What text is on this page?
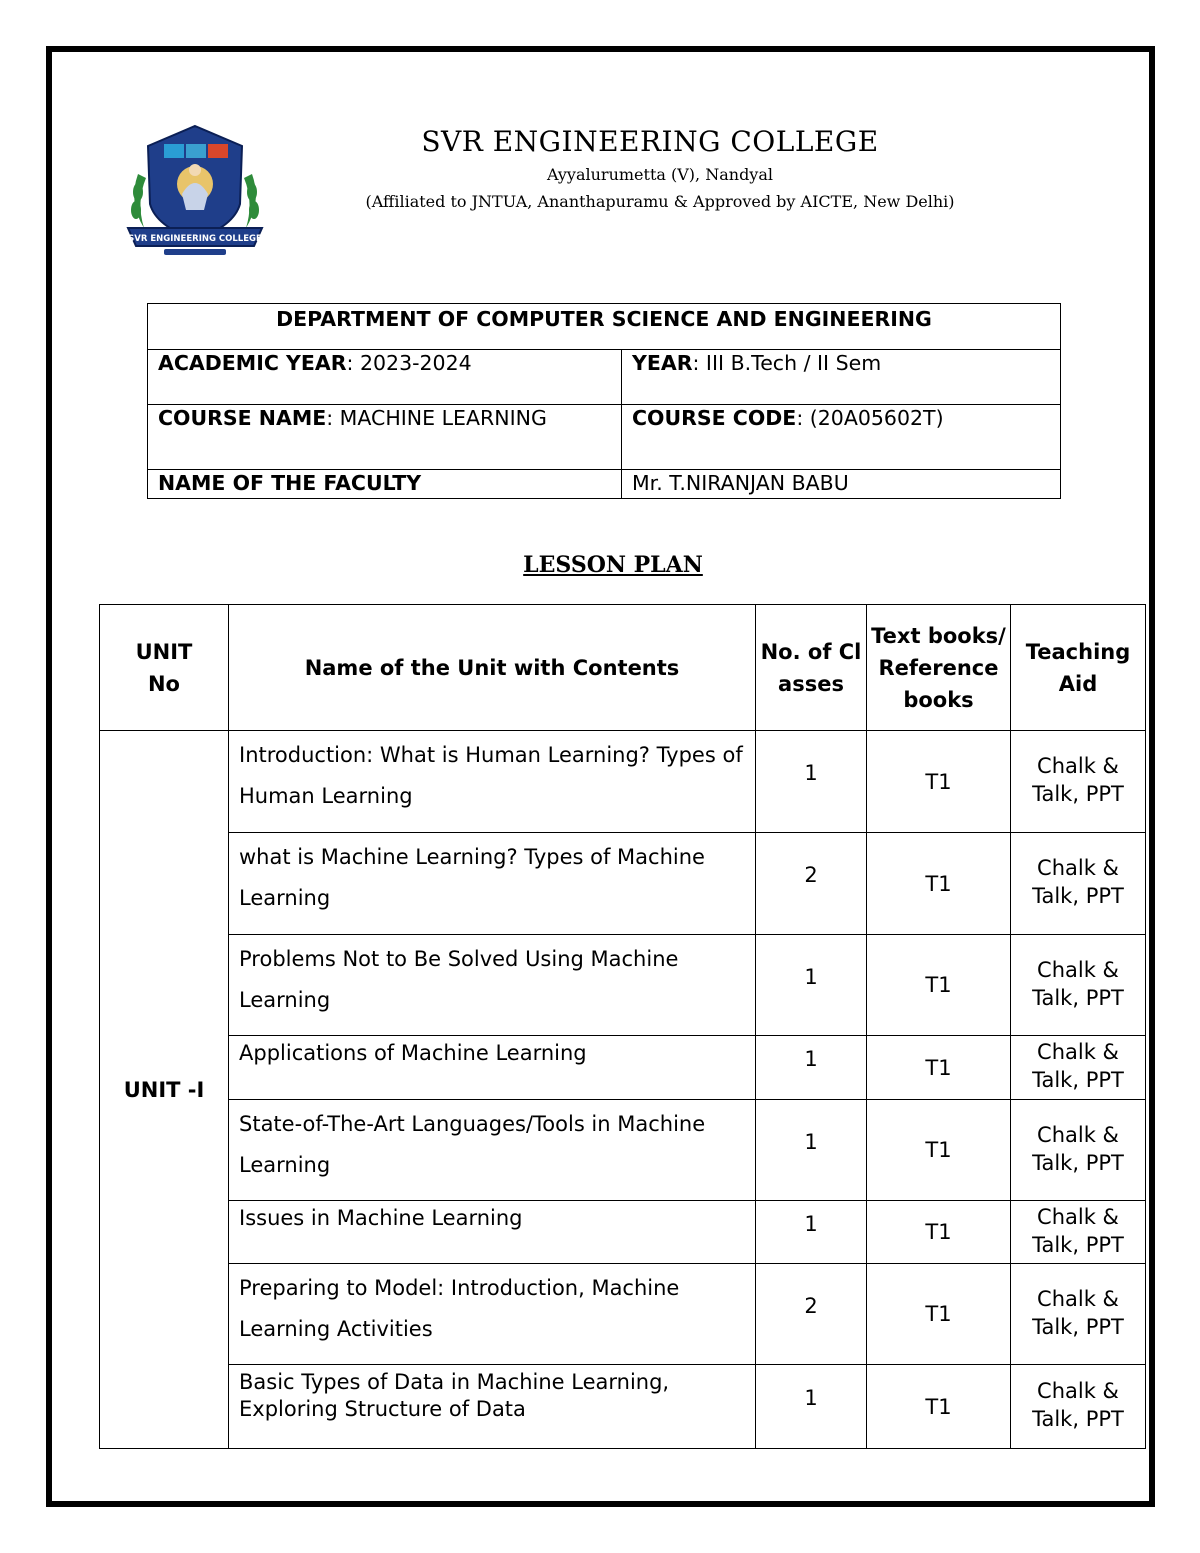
SVR ENGINEERING COLLEGE
SVR ENGINEERING COLLEGE
Ayyalurumetta (V), Nandyal
(Affiliated to JNTUA, Ananthapuramu & Approved by AICTE, New Delhi)
DEPARTMENT OF COMPUTER SCIENCE AND ENGINEERING	
ACADEMIC YEAR: 2023-2024	YEAR: III B.Tech / II Sem
COURSE NAME: MACHINE LEARNING	COURSE CODE: (20A05602T)
NAME OF THE FACULTY	Mr. T.NIRANJAN BABU
LESSON PLAN
UNIT No	Name of the Unit with Contents	No. of Classes	Text books/ Reference books	Teaching Aid
UNIT -I	Introduction: What is Human Learning? Types of Human Learning	1	T1	Chalk & Talk, PPT
	what is Machine Learning? Types of Machine Learning	2	T1	Chalk & Talk, PPT
	Problems Not to Be Solved Using Machine Learning	1	T1	Chalk & Talk, PPT
	Applications of Machine Learning	1	T1	Chalk & Talk, PPT
	State-of-The-Art Languages/Tools in Machine Learning	1	T1	Chalk & Talk, PPT
	Issues in Machine Learning	1	T1	Chalk & Talk, PPT
	Preparing to Model: Introduction, Machine Learning Activities	2	T1	Chalk & Talk, PPT
	Basic Types of Data in Machine Learning, Exploring Structure of Data	1	T1	Chalk & Talk, PPT
